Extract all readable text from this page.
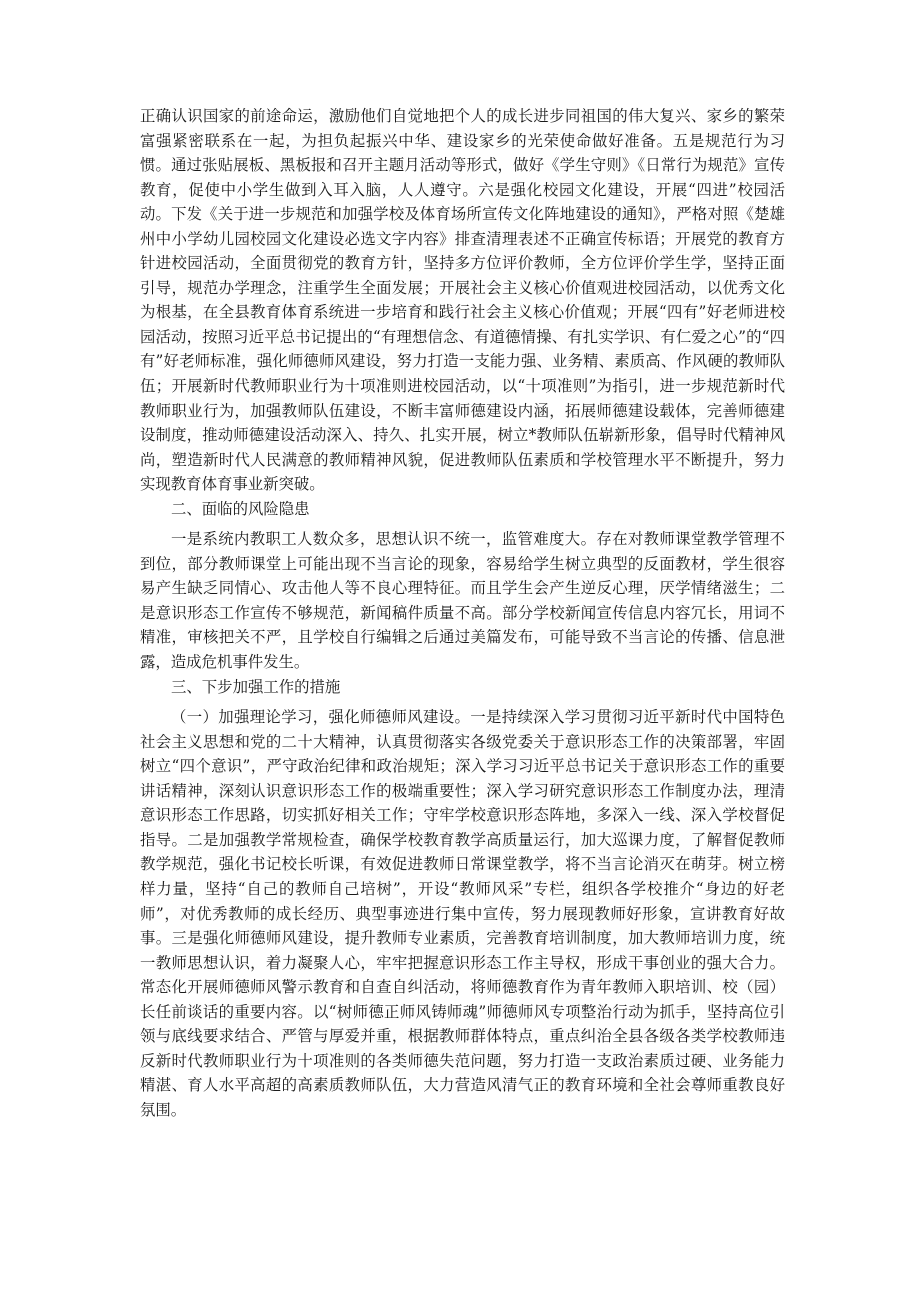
正确认识国家的前途命运，激励他们自觉地把个人的成长进步同祖国的伟大复兴、家乡的繁荣富强紧密联系在一起，为担负起振兴中华、建设家乡的光荣使命做好准备。五是规范行为习惯。通过张贴展板、黑板报和召开主题月活动等形式，做好《学生守则》《日常行为规范》宣传教育，促使中小学生做到入耳入脑，人人遵守。六是强化校园文化建设，开展“四进”校园活动。下发《关于进一步规范和加强学校及体育场所宣传文化阵地建设的通知》，严格对照《楚雄州中小学幼儿园校园文化建设必选文字内容》排查清理表述不正确宣传标语；开展党的教育方针进校园活动，全面贯彻党的教育方针，坚持多方位评价教师，全方位评价学生学，坚持正面引导，规范办学理念，注重学生全面发展；开展社会主义核心价值观进校园活动，以优秀文化为根基，在全县教育体育系统进一步培育和践行社会主义核心价值观；开展“四有”好老师进校园活动，按照习近平总书记提出的“有理想信念、有道德情操、有扎实学识、有仁爱之心”的“四有”好老师标准，强化师德师风建设，努力打造一支能力强、业务精、素质高、作风硬的教师队伍；开展新时代教师职业行为十项准则进校园活动，以“十项准则”为指引，进一步规范新时代教师职业行为，加强教师队伍建设，不断丰富师德建设内涵，拓展师德建设载体，完善师德建设制度，推动师德建设活动深入、持久、扎实开展，树立*教师队伍崭新形象，倡导时代精神风尚，塑造新时代人民满意的教师精神风貌，促进教师队伍素质和学校管理水平不断提升，努力实现教育体育事业新突破。

二、面临的风险隐患

一是系统内教职工人数众多，思想认识不统一，监管难度大。存在对教师课堂教学管理不到位，部分教师课堂上可能出现不当言论的现象，容易给学生树立典型的反面教材，学生很容易产生缺乏同情心、攻击他人等不良心理特征。而且学生会产生逆反心理，厌学情绪滋生；二是意识形态工作宣传不够规范，新闻稿件质量不高。部分学校新闻宣传信息内容冗长，用词不精准，审核把关不严，且学校自行编辑之后通过美篇发布，可能导致不当言论的传播、信息泄露，造成危机事件发生。

三、下步加强工作的措施

（一）加强理论学习，强化师德师风建设。一是持续深入学习贯彻习近平新时代中国特色社会主义思想和党的二十大精神，认真贯彻落实各级党委关于意识形态工作的决策部署，牢固树立“四个意识”，严守政治纪律和政治规矩；深入学习习近平总书记关于意识形态工作的重要讲话精神，深刻认识意识形态工作的极端重要性；深入学习研究意识形态工作制度办法，理清意识形态工作思路，切实抓好相关工作；守牢学校意识形态阵地，多深入一线、深入学校督促指导。二是加强教学常规检查，确保学校教育教学高质量运行，加大巡课力度，了解督促教师教学规范，强化书记校长听课，有效促进教师日常课堂教学，将不当言论消灭在萌芽。树立榜样力量，坚持“自己的教师自己培树”，开设“教师风采”专栏，组织各学校推介“身边的好老师”，对优秀教师的成长经历、典型事迹进行集中宣传，努力展现教师好形象，宣讲教育好故事。三是强化师德师风建设，提升教师专业素质，完善教育培训制度，加大教师培训力度，统一教师思想认识，着力凝聚人心，牢牢把握意识形态工作主导权，形成干事创业的强大合力。常态化开展师德师风警示教育和自查自纠活动，将师德教育作为青年教师入职培训、校（园）长任前谈话的重要内容。以“树师德正师风铸师魂”师德师风专项整治行动为抓手，坚持高位引领与底线要求结合、严管与厚爱并重，根据教师群体特点，重点纠治全县各级各类学校教师违反新时代教师职业行为十项准则的各类师德失范问题，努力打造一支政治素质过硬、业务能力精湛、育人水平高超的高素质教师队伍，大力营造风清气正的教育环境和全社会尊师重教良好氛围。
